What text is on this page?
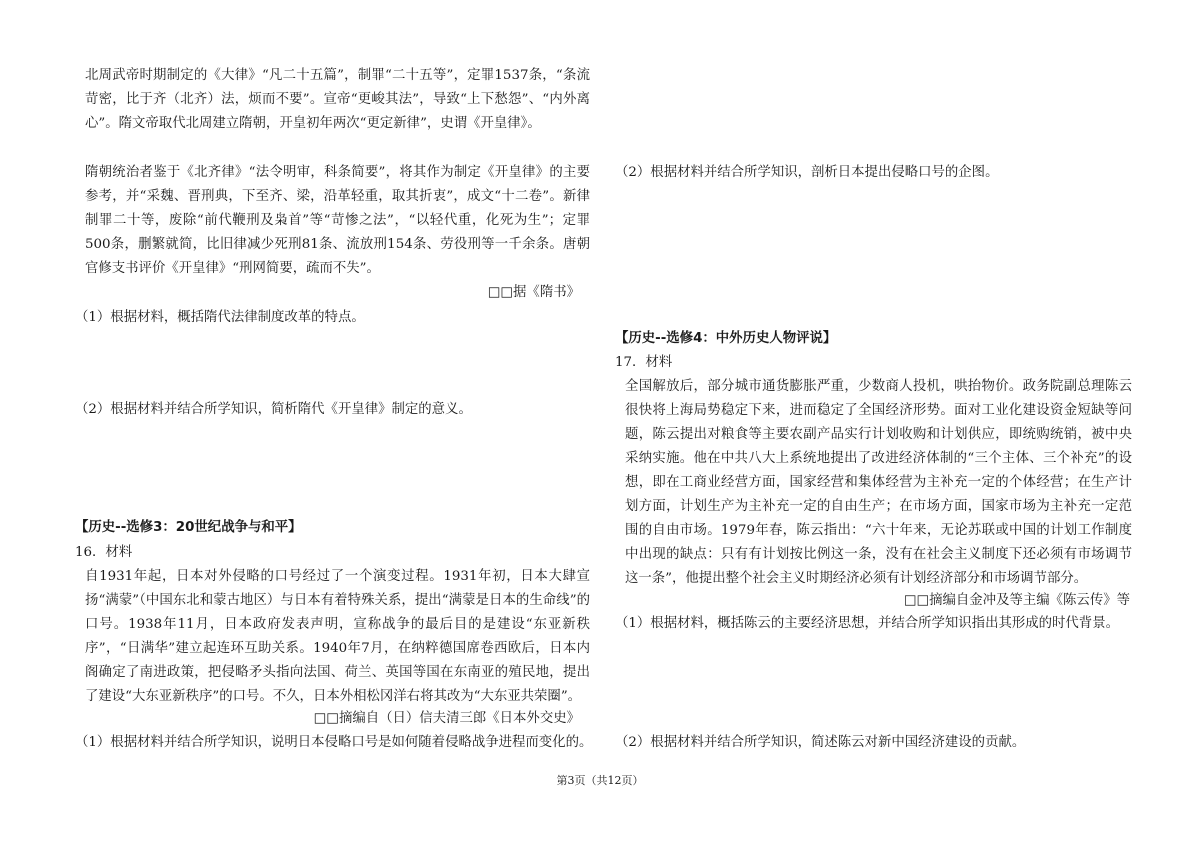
北周武帝时期制定的《大律》“凡二十五篇”，制罪“二十五等”，定罪1537条，“条流苛密，比于齐（北齐）法，烦而不要”。宣帝“更峻其法”，导致“上下愁怨”、“内外离心”。隋文帝取代北周建立隋朝，开皇初年两次“更定新律”，史谓《开皇律》。

隋朝统治者鉴于《北齐律》“法令明审，科条简要”，将其作为制定《开皇律》的主要参考，并“采魏、晋刑典，下至齐、梁，沿革轻重，取其折衷”，成文“十二卷”。新律制罪二十等，废除“前代鞭刑及枭首”等“苛惨之法”，“以轻代重，化死为生”；定罪500条，删繁就简，比旧律减少死刑81条、流放刑154条、劳役刑等一千余条。唐朝官修支书评价《开皇律》“刑网简要，疏而不失”。

□□据《隋书》
（1）根据材料，概括隋代法律制度改革的特点。
（2）根据材料并结合所学知识，简析隋代《开皇律》制定的意义。
【历史--选修3：20世纪战争与和平】
16．材料

自1931年起，日本对外侵略的口号经过了一个演变过程。1931年初，日本大肆宣扬“满蒙”（中国东北和蒙古地区）与日本有着特殊关系，提出“满蒙是日本的生命线”的口号。1938年11月，日本政府发表声明，宣称战争的最后目的是建设“东亚新秩序”，“日满华”建立起连环互助关系。1940年7月，在纳粹德国席卷西欧后，日本内阁确定了南进政策，把侵略矛头指向法国、荷兰、英国等国在东南亚的殖民地，提出了建设“大东亚新秩序”的口号。不久，日本外相松冈洋右将其改为“大东亚共荣圈”。

□□摘编自（日）信夫清三郎《日本外交史》
（1）根据材料并结合所学知识，说明日本侵略口号是如何随着侵略战争进程而变化的。
（2）根据材料并结合所学知识，剖析日本提出侵略口号的企图。
【历史--选修4：中外历史人物评说】
17．材料

全国解放后，部分城市通货膨胀严重，少数商人投机，哄抬物价。政务院副总理陈云很快将上海局势稳定下来，进而稳定了全国经济形势。面对工业化建设资金短缺等问题，陈云提出对粮食等主要农副产品实行计划收购和计划供应，即统购统销，被中央采纳实施。他在中共八大上系统地提出了改进经济体制的“三个主体、三个补充”的设想，即在工商业经营方面，国家经营和集体经营为主补充一定的个体经营；在生产计划方面，计划生产为主补充一定的自由生产；在市场方面，国家市场为主补充一定范围的自由市场。1979年春，陈云指出：“六十年来，无论苏联或中国的计划工作制度中出现的缺点：只有有计划按比例这一条，没有在社会主义制度下还必须有市场调节这一条”，他提出整个社会主义时期经济必须有计划经济部分和市场调节部分。

□□摘编自金冲及等主编《陈云传》等
（1）根据材料，概括陈云的主要经济思想，并结合所学知识指出其形成的时代背景。
（2）根据材料并结合所学知识，简述陈云对新中国经济建设的贡献。
第3页（共12页）
